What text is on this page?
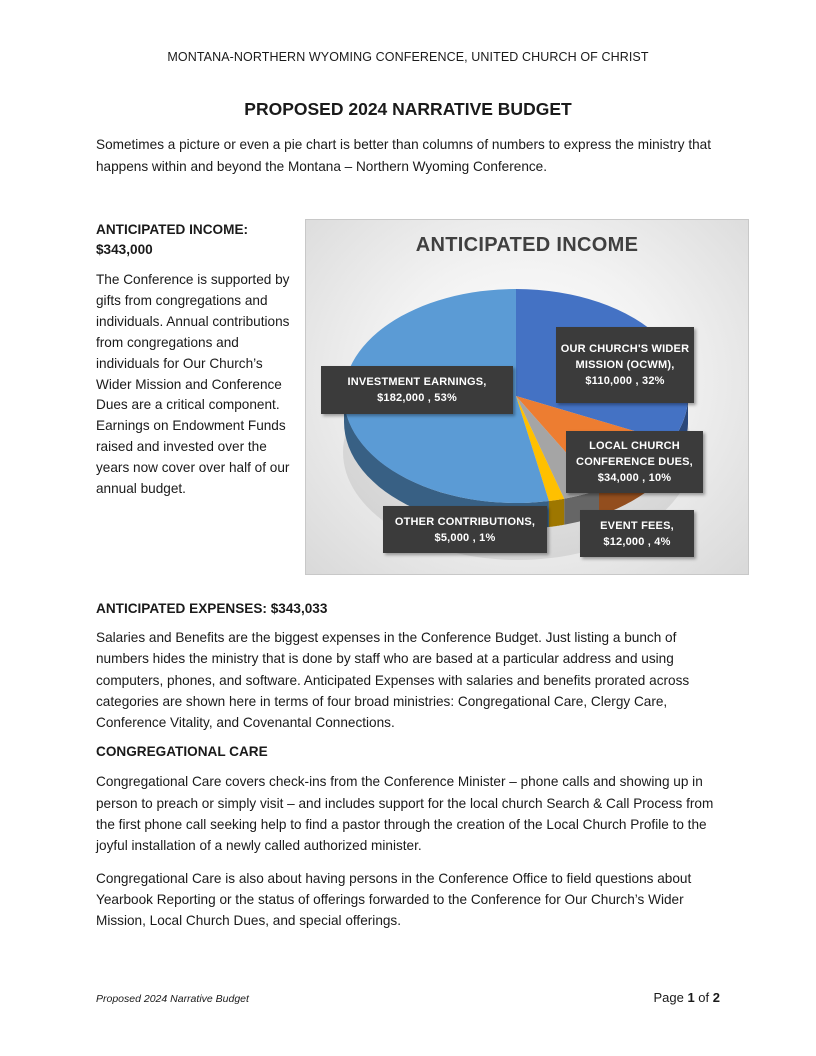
MONTANA-NORTHERN WYOMING CONFERENCE, UNITED CHURCH OF CHRIST
PROPOSED 2024 NARRATIVE BUDGET
Sometimes a picture or even a pie chart is better than columns of numbers to express the ministry that happens within and beyond the Montana – Northern Wyoming Conference.
ANTICIPATED INCOME:
$343,000
The Conference is supported by gifts from congregations and individuals. Annual contributions from congregations and individuals for Our Church’s Wider Mission and Conference Dues are a critical component. Earnings on Endowment Funds raised and invested over the years now cover over half of our annual budget.
ANTICIPATED INCOME
OUR CHURCH'S WIDER
MISSION (OCWM),
$110,000 , 32%
INVESTMENT EARNINGS,
$182,000 , 53%
LOCAL CHURCH
CONFERENCE DUES,
$34,000 , 10%
OTHER CONTRIBUTIONS,
$5,000 , 1%
EVENT FEES,
$12,000 , 4%
ANTICIPATED EXPENSES: $343,033
Salaries and Benefits are the biggest expenses in the Conference Budget. Just listing a bunch of numbers hides the ministry that is done by staff who are based at a particular address and using computers, phones, and software. Anticipated Expenses with salaries and benefits prorated across categories are shown here in terms of four broad ministries: Congregational Care, Clergy Care, Conference Vitality, and Covenantal Connections.
CONGREGATIONAL CARE
Congregational Care covers check-ins from the Conference Minister – phone calls and showing up in person to preach or simply visit – and includes support for the local church Search & Call Process from the first phone call seeking help to find a pastor through the creation of the Local Church Profile to the joyful installation of a newly called authorized minister.
Congregational Care is also about having persons in the Conference Office to field questions about Yearbook Reporting or the status of offerings forwarded to the Conference for Our Church’s Wider Mission, Local Church Dues, and special offerings.
Proposed 2024 Narrative Budget	Page 1 of 2
